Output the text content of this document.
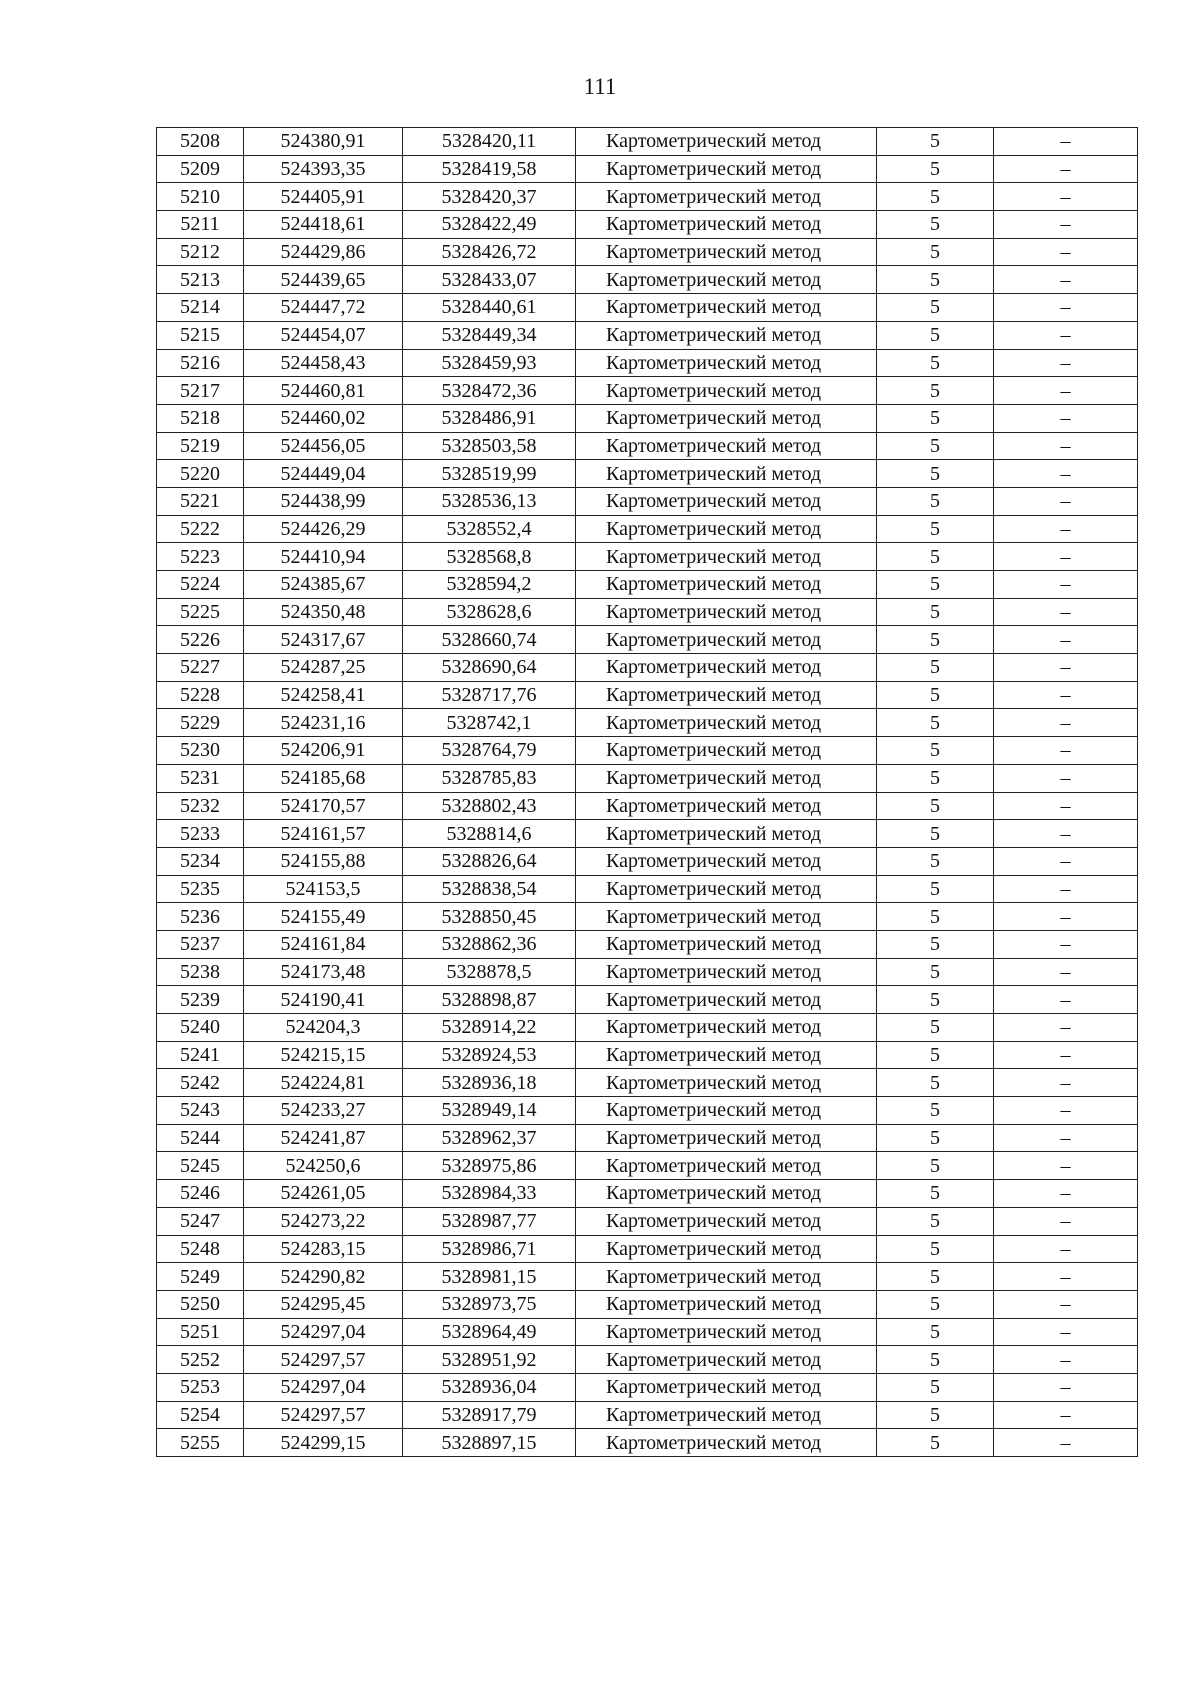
111
5208	524380,91	5328420,11	Картометрический метод	5	–
5209	524393,35	5328419,58	Картометрический метод	5	–
5210	524405,91	5328420,37	Картометрический метод	5	–
5211	524418,61	5328422,49	Картометрический метод	5	–
5212	524429,86	5328426,72	Картометрический метод	5	–
5213	524439,65	5328433,07	Картометрический метод	5	–
5214	524447,72	5328440,61	Картометрический метод	5	–
5215	524454,07	5328449,34	Картометрический метод	5	–
5216	524458,43	5328459,93	Картометрический метод	5	–
5217	524460,81	5328472,36	Картометрический метод	5	–
5218	524460,02	5328486,91	Картометрический метод	5	–
5219	524456,05	5328503,58	Картометрический метод	5	–
5220	524449,04	5328519,99	Картометрический метод	5	–
5221	524438,99	5328536,13	Картометрический метод	5	–
5222	524426,29	5328552,4	Картометрический метод	5	–
5223	524410,94	5328568,8	Картометрический метод	5	–
5224	524385,67	5328594,2	Картометрический метод	5	–
5225	524350,48	5328628,6	Картометрический метод	5	–
5226	524317,67	5328660,74	Картометрический метод	5	–
5227	524287,25	5328690,64	Картометрический метод	5	–
5228	524258,41	5328717,76	Картометрический метод	5	–
5229	524231,16	5328742,1	Картометрический метод	5	–
5230	524206,91	5328764,79	Картометрический метод	5	–
5231	524185,68	5328785,83	Картометрический метод	5	–
5232	524170,57	5328802,43	Картометрический метод	5	–
5233	524161,57	5328814,6	Картометрический метод	5	–
5234	524155,88	5328826,64	Картометрический метод	5	–
5235	524153,5	5328838,54	Картометрический метод	5	–
5236	524155,49	5328850,45	Картометрический метод	5	–
5237	524161,84	5328862,36	Картометрический метод	5	–
5238	524173,48	5328878,5	Картометрический метод	5	–
5239	524190,41	5328898,87	Картометрический метод	5	–
5240	524204,3	5328914,22	Картометрический метод	5	–
5241	524215,15	5328924,53	Картометрический метод	5	–
5242	524224,81	5328936,18	Картометрический метод	5	–
5243	524233,27	5328949,14	Картометрический метод	5	–
5244	524241,87	5328962,37	Картометрический метод	5	–
5245	524250,6	5328975,86	Картометрический метод	5	–
5246	524261,05	5328984,33	Картометрический метод	5	–
5247	524273,22	5328987,77	Картометрический метод	5	–
5248	524283,15	5328986,71	Картометрический метод	5	–
5249	524290,82	5328981,15	Картометрический метод	5	–
5250	524295,45	5328973,75	Картометрический метод	5	–
5251	524297,04	5328964,49	Картометрический метод	5	–
5252	524297,57	5328951,92	Картометрический метод	5	–
5253	524297,04	5328936,04	Картометрический метод	5	–
5254	524297,57	5328917,79	Картометрический метод	5	–
5255	524299,15	5328897,15	Картометрический метод	5	–
